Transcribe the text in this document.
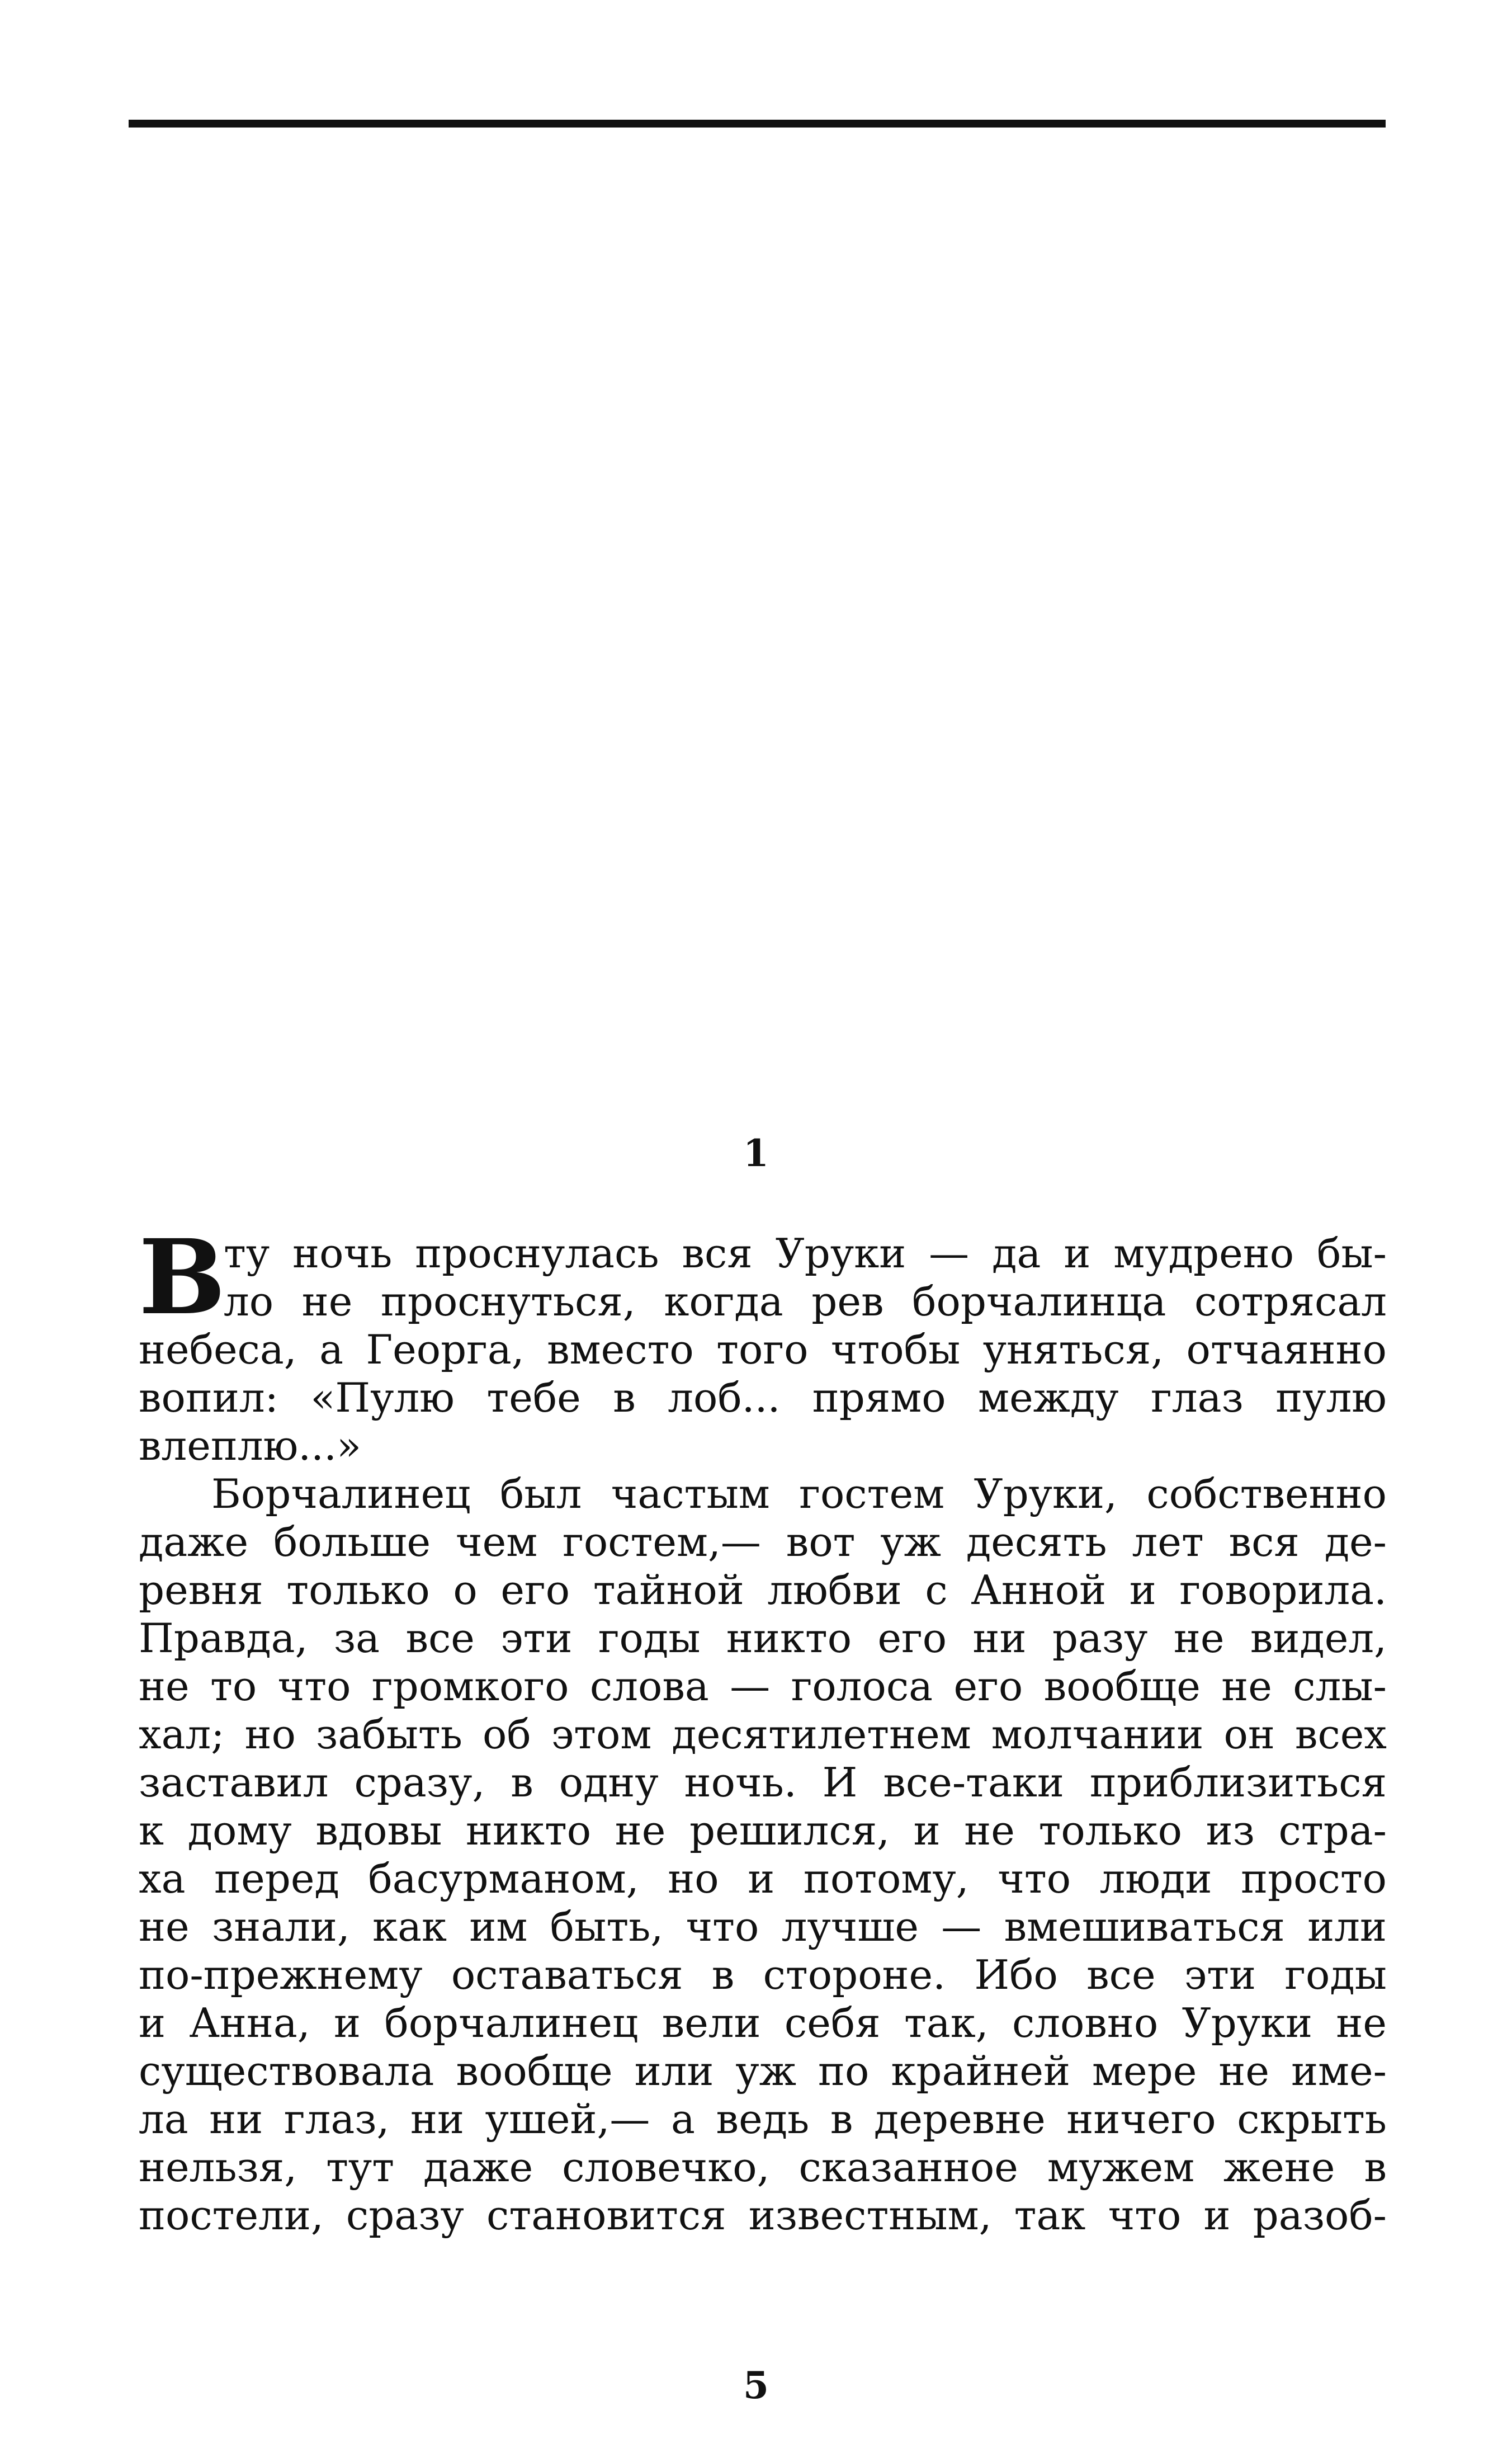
1
В
ту ночь проснулась вся Уруки — да и мудрено бы-
ло не проснуться, когда рев борчалинца сотрясал
небеса, а Георга, вместо того чтобы уняться, отчаянно
вопил: «Пулю тебе в лоб... прямо между глаз пулю
влеплю...»
Борчалинец был частым гостем Уруки, собственно
даже больше чем гостем,— вот уж десять лет вся де-
ревня только о его тайной любви с Анной и говорила.
Правда, за все эти годы никто его ни разу не видел,
не то что громкого слова — голоса его вообще не слы-
хал; но забыть об этом десятилетнем молчании он всех
заставил сразу, в одну ночь. И все-таки приблизиться
к дому вдовы никто не решился, и не только из стра-
ха перед басурманом, но и потому, что люди просто
не знали, как им быть, что лучше — вмешиваться или
по-прежнему оставаться в стороне. Ибо все эти годы
и Анна, и борчалинец вели себя так, словно Уруки не
существовала вообще или уж по крайней мере не име-
ла ни глаз, ни ушей,— а ведь в деревне ничего скрыть
нельзя, тут даже словечко, сказанное мужем жене в
постели, сразу становится известным, так что и разоб-
5
